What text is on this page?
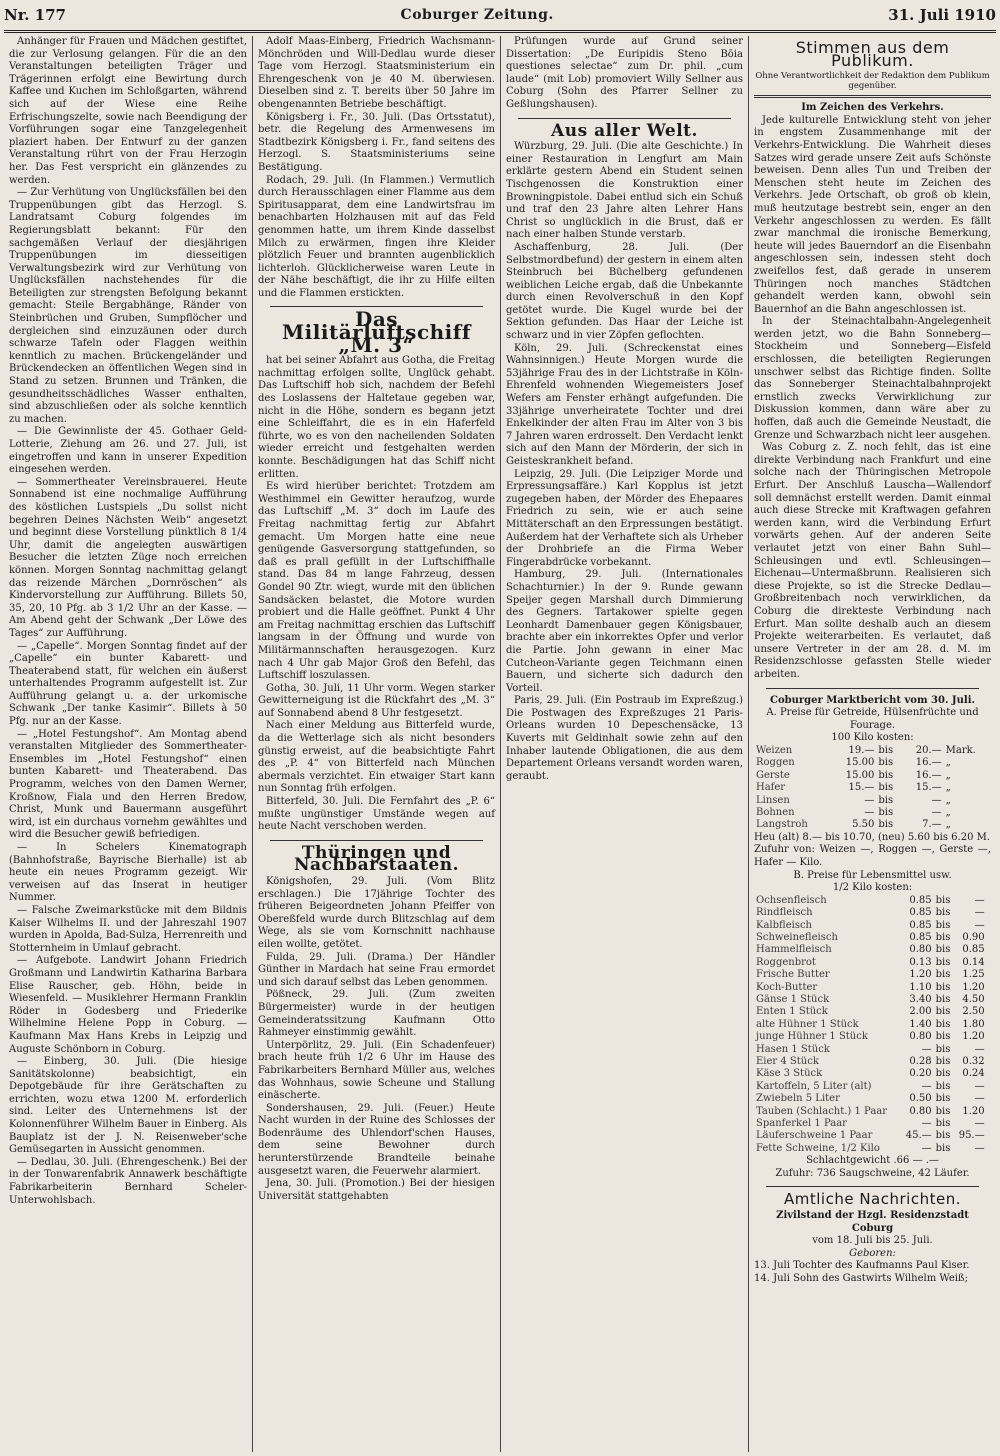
Nr. 177	Coburger Zeitung.	31. Juli 1910

Anhänger für Frauen und Mädchen gestiftet, die zur Verlosung gelangen. Für die an den Veranstaltungen beteiligten Träger und Trägerinnen erfolgt eine Bewirtung durch Kaffee und Kuchen im Schloßgarten, während sich auf der Wiese eine Reihe Erfrischungszelte, sowie nach Beendigung der Vorführungen sogar eine Tanzgelegenheit plaziert haben. Der Entwurf zu der ganzen Veranstaltung rührt von der Frau Herzogin her. Das Fest verspricht ein glänzendes zu werden.

— Zur Verhütung von Unglücksfällen bei den Truppenübungen gibt das Herzogl. S. Landratsamt Coburg folgendes im Regierungsblatt bekannt: Für den sachgemäßen Verlauf der diesjährigen Truppenübungen im diesseitigen Verwaltungsbezirk wird zur Verhütung von Unglücksfällen nachstehendes für die Beteiligten zur strengsten Befolgung bekannt gemacht: Steile Bergabhänge, Ränder von Steinbrüchen und Gruben, Sumpflöcher und dergleichen sind einzuzäunen oder durch schwarze Tafeln oder Flaggen weithin kenntlich zu machen. Brückengeländer und Brückendecken an öffentlichen Wegen sind in Stand zu setzen. Brunnen und Tränken, die gesundheitsschädliches Wasser enthalten, sind abzuschließen oder als solche kenntlich zu machen.

— Die Gewinnliste der 45. Gothaer Geld-Lotterie, Ziehung am 26. und 27. Juli, ist eingetroffen und kann in unserer Expedition eingesehen werden.

— Sommertheater Vereinsbrauerei. Heute Sonnabend ist eine nochmalige Aufführung des köstlichen Lustspiels „Du sollst nicht begehren Deines Nächsten Weib“ angesetzt und beginnt diese Vorstellung pünktlich 8 1/4 Uhr, damit die angelegten auswärtigen Besucher die letzten Züge noch erreichen können. Morgen Sonntag nachmittag gelangt das reizende Märchen „Dornröschen“ als Kindervorstellung zur Aufführung. Billets 50, 35, 20, 10 Pfg. ab 3 1/2 Uhr an der Kasse. — Am Abend geht der Schwank „Der Löwe des Tages“ zur Aufführung.

— „Capelle“. Morgen Sonntag findet auf der „Capelle“ ein bunter Kabarett- und Theaterabend statt, für welchen ein äußerst unterhaltendes Programm aufgestellt ist. Zur Aufführung gelangt u. a. der urkomische Schwank „Der tanke Kasimir“. Billets à 50 Pfg. nur an der Kasse.

— „Hotel Festungshof“. Am Montag abend veranstalten Mitglieder des Sommertheater-Ensembles im „Hotel Festungshof“ einen bunten Kabarett- und Theaterabend. Das Programm, welches von den Damen Werner, Kroßnow, Fiala und den Herren Bredow, Christ, Munk und Bauermann ausgeführt wird, ist ein durchaus vornehm gewähltes und wird die Besucher gewiß befriedigen.

— In Schelers Kinematograph (Bahnhofstraße, Bayrische Bierhalle) ist ab heute ein neues Programm gezeigt. Wir verweisen auf das Inserat in heutiger Nummer.

— Falsche Zweimarkstücke mit dem Bildnis Kaiser Wilhelms II. und der Jahreszahl 1907 wurden in Apolda, Bad-Sulza, Herrenreith und Stotternheim in Umlauf gebracht.

— Aufgebote. Landwirt Johann Friedrich Großmann und Landwirtin Katharina Barbara Elise Rauscher, geb. Höhn, beide in Wiesenfeld. — Musiklehrer Hermann Franklin Röder in Godesberg und Friederike Wilhelmine Helene Popp in Coburg. — Kaufmann Max Hans Krebs in Leipzig und Auguste Schönborn in Coburg.

— Einberg, 30. Juli. (Die hiesige Sanitätskolonne) beabsichtigt, ein Depotgebäude für ihre Gerätschaften zu errichten, wozu etwa 1200 M. erforderlich sind. Leiter des Unternehmens ist der Kolonnenführer Wilhelm Bauer in Einberg. Als Bauplatz ist der J. N. Reisenweber'sche Gemüsegarten in Aussicht genommen.

— Dedlau, 30. Juli. (Ehrengeschenk.) Bei der in der Tonwarenfabrik Annawerk beschäftigte Fabrikarbeiterin Bernhard Scheler-Unterwohlsbach.

Adolf Maas-Einberg, Friedrich Wachsmann-Mönchröden und Will-Dedlau wurde dieser Tage vom Herzogl. Staatsministerium ein Ehrengeschenk von je 40 M. überwiesen. Dieselben sind z. T. bereits über 50 Jahre im obengenannten Betriebe beschäftigt.

Königsberg i. Fr., 30. Juli. (Das Ortsstatut), betr. die Regelung des Armenwesens im Stadtbezirk Königsberg i. Fr., fand seitens des Herzogl. S. Staatsministeriums seine Bestätigung.

Rodach, 29. Juli. (In Flammen.) Vermutlich durch Herausschlagen einer Flamme aus dem Spiritusapparat, dem eine Landwirtsfrau im benachbarten Holzhausen mit auf das Feld genommen hatte, um ihrem Kinde dasselbst Milch zu erwärmen, fingen ihre Kleider plötzlich Feuer und brannten augenblicklich lichterloh. Glücklicherweise waren Leute in der Nähe beschäftigt, die ihr zu Hilfe eilten und die Flammen erstickten.

Das Militärluftschiff „M. 3“

hat bei seiner Abfahrt aus Gotha, die Freitag nachmittag erfolgen sollte, Unglück gehabt. Das Luftschiff hob sich, nachdem der Befehl des Loslassens der Haltetaue gegeben war, nicht in die Höhe, sondern es begann jetzt eine Schleiffahrt, die es in ein Haferfeld führte, wo es von den nacheilenden Soldaten wieder erreicht und festgehalten werden konnte. Beschädigungen hat das Schiff nicht erlitten.

Es wird hierüber berichtet: Trotzdem am Westhimmel ein Gewitter heraufzog, wurde das Luftschiff „M. 3“ doch im Laufe des Freitag nachmittag fertig zur Abfahrt gemacht. Um Morgen hatte eine neue genügende Gasversorgung stattgefunden, so daß es prall gefüllt in der Luftschiffhalle stand. Das 84 m lange Fahrzeug, dessen Gondel 90 Ztr. wiegt, wurde mit den üblichen Sandsäcken belastet, die Motore wurden probiert und die Halle geöffnet. Punkt 4 Uhr am Freitag nachmittag erschien das Luftschiff langsam in der Öffnung und wurde von Militärmannschaften herausgezogen. Kurz nach 4 Uhr gab Major Groß den Befehl, das Luftschiff loszulassen.

Gotha, 30. Juli, 11 Uhr vorm. Wegen starker Gewitterneigung ist die Rückfahrt des „M. 3“ auf Sonnabend abend 8 Uhr festgesetzt.

Nach einer Meldung aus Bitterfeld wurde, da die Wetterlage sich als nicht besonders günstig erweist, auf die beabsichtigte Fahrt des „P. 4“ von Bitterfeld nach München abermals verzichtet. Ein etwaiger Start kann nun Sonntag früh erfolgen.

Bitterfeld, 30. Juli. Die Fernfahrt des „P. 6“ mußte ungünstiger Umstände wegen auf heute Nacht verschoben werden.

Thüringen und Nachbarstaaten.

Königshofen, 29. Juli. (Vom Blitz erschlagen.) Die 17jährige Tochter des früheren Beigeordneten Johann Pfeiffer von Obereßfeld wurde durch Blitzschlag auf dem Wege, als sie vom Kornschnitt nachhause eilen wollte, getötet.

Fulda, 29. Juli. (Drama.) Der Händler Günther in Mardach hat seine Frau ermordet und sich darauf selbst das Leben genommen.

Pößneck, 29. Juli. (Zum zweiten Bürgermeister) wurde in der heutigen Gemeinderatssitzung Kaufmann Otto Rahmeyer einstimmig gewählt.

Unterpörlitz, 29. Juli. (Ein Schadenfeuer) brach heute früh 1/2 6 Uhr im Hause des Fabrikarbeiters Bernhard Müller aus, welches das Wohnhaus, sowie Scheune und Stallung einäscherte.

Sondershausen, 29. Juli. (Feuer.) Heute Nacht wurden in der Ruine des Schlosses der Bodenräume des Uhlendorf'schen Hauses, dem seine Bewohner durch herunterstürzende Brandteile beinahe ausgesetzt waren, die Feuerwehr alarmiert.

Jena, 30. Juli. (Promotion.) Bei der hiesigen Universität stattgehabten

Prüfungen wurde auf Grund seiner Dissertation: „De Euripidis Steno Bōia questiones selectae“ zum Dr. phil. „cum laude“ (mit Lob) promoviert Willy Sellner aus Coburg (Sohn des Pfarrer Sellner zu Geßlungshausen).

Aus aller Welt.

Würzburg, 29. Juli. (Die alte Geschichte.) In einer Restauration in Lengfurt am Main erklärte gestern Abend ein Student seinen Tischgenossen die Konstruktion einer Browningpistole. Dabei entlud sich ein Schuß und traf den 23 Jahre alten Lehrer Hans Christ so unglücklich in die Brust, daß er nach einer halben Stunde verstarb.

Aschaffenburg, 28. Juli. (Der Selbstmordbefund) der gestern in einem alten Steinbruch bei Büchelberg gefundenen weiblichen Leiche ergab, daß die Unbekannte durch einen Revolverschuß in den Kopf getötet wurde. Die Kugel wurde bei der Sektion gefunden. Das Haar der Leiche ist schwarz und in vier Zöpfen geflochten.

Köln, 29. Juli. (Schreckenstat eines Wahnsinnigen.) Heute Morgen wurde die 53jährige Frau des in der Lichtstraße in Köln-Ehrenfeld wohnenden Wiegemeisters Josef Wefers am Fenster erhängt aufgefunden. Die 33jährige unverheiratete Tochter und drei Enkelkinder der alten Frau im Alter von 3 bis 7 Jahren waren erdrosselt. Den Verdacht lenkt sich auf den Mann der Mörderin, der sich in Geisteskrankheit befand.

Leipzig, 29. Juli. (Die Leipziger Morde und Erpressungsaffäre.) Karl Kopplus ist jetzt zugegeben haben, der Mörder des Ehepaares Friedrich zu sein, wie er auch seine Mittäterschaft an den Erpressungen bestätigt. Außerdem hat der Verhaftete sich als Urheber der Drohbriefe an die Firma Weber Fingerabdrücke vorbekannt.

Hamburg, 29. Juli. (Internationales Schachturnier.) In der 9. Runde gewann Speijer gegen Marshall durch Dimmierung des Gegners. Tartakower spielte gegen Leonhardt Damenbauer gegen Königsbauer, brachte aber ein inkorrektes Opfer und verlor die Partie. John gewann in einer Mac Cutcheon-Variante gegen Teichmann einen Bauern, und sicherte sich dadurch den Vorteil.

Paris, 29. Juli. (Ein Postraub im Expreßzug.) Die Postwagen des Expreßzuges 21 Paris-Orleans wurden 10 Depeschensäcke, 13 Kuverts mit Geldinhalt sowie zehn auf den Inhaber lautende Obligationen, die aus dem Departement Orleans versandt worden waren, geraubt.

Stimmen aus dem Publikum.
Ohne Verantwortlichkeit der Redaktion dem Publikum gegenüber.
Im Zeichen des Verkehrs.

Jede kulturelle Entwicklung steht von jeher in engstem Zusammenhange mit der Verkehrs-Entwicklung. Die Wahrheit dieses Satzes wird gerade unsere Zeit aufs Schönste beweisen. Denn alles Tun und Treiben der Menschen steht heute im Zeichen des Verkehrs. Jede Ortschaft, ob groß ob klein, muß heutzutage bestrebt sein, enger an den Verkehr angeschlossen zu werden. Es fällt zwar manchmal die ironische Bemerkung, heute will jedes Bauerndorf an die Eisenbahn angeschlossen sein, indessen steht doch zweifellos fest, daß gerade in unserem Thüringen noch manches Städtchen gehandelt werden kann, obwohl sein Bauernhof an die Bahn angeschlossen ist.

In der Steinachtalbahn-Angelegenheit werden jetzt, wo die Bahn Sonneberg—Stockheim und Sonneberg—Eisfeld erschlossen, die beteiligten Regierungen unschwer selbst das Richtige finden. Sollte das Sonneberger Steinachtalbahnprojekt ernstlich zwecks Verwirklichung zur Diskussion kommen, dann wäre aber zu hoffen, daß auch die Gemeinde Neustadt, die Grenze und Schwarzbach nicht leer ausgehen.

Was Coburg z. Z. noch fehlt, das ist eine direkte Verbindung nach Frankfurt und eine solche nach der Thüringischen Metropole Erfurt. Der Anschluß Lauscha—Wallendorf soll demnächst erstellt werden. Damit einmal auch diese Strecke mit Kraftwagen gefahren werden kann, wird die Verbindung Erfurt vorwärts gehen. Auf der anderen Seite verlautet jetzt von einer Bahn Suhl—Schleusingen und evtl. Schleusingen—Eichenau—Untermaßbrunn. Realisieren sich diese Projekte, so ist die Strecke Dedlau—Großbreitenbach noch verwirklichen, da Coburg die direkteste Verbindung nach Erfurt. Man sollte deshalb auch an diesem Projekte weiterarbeiten. Es verlautet, daß unsere Vertreter in der am 28. d. M. im Residenzschlosse gefassten Stelle wieder arbeiten.

Coburger Marktbericht vom 30. Juli.
A. Preise für Getreide, Hülsenfrüchte und Fourage.
100 Kilo kosten:
Weizen	19.—	bis	20.—	Mark.
Roggen	15.00	bis	16.—	„
Gerste	15.00	bis	16.—	„
Hafer	15.—	bis	15.—	„
Linsen	—	bis	—	„
Bohnen	—	bis	—	„
Langstroh	5.50	bis	7.—	„
Heu (alt) 8.— bis 10.70, (neu) 5.60 bis 6.20 M.
Zufuhr von: Weizen —, Roggen —, Gerste —, Hafer — Kilo.
B. Preise für Lebensmittel usw.
1/2 Kilo kosten:
Ochsenfleisch	0.85	bis	—	
Rindfleisch	0.85	bis	—	
Kalbfleisch	0.85	bis	—	
Schweinefleisch	0.85	bis	0.90	
Hammelfleisch	0.80	bis	0.85	
Roggenbrot	0.13	bis	0.14	
Frische Butter	1.20	bis	1.25	
Koch-Butter	1.10	bis	1.20	
Gänse 1 Stück	3.40	bis	4.50	
Enten 1 Stück	2.00	bis	2.50	
alte Hühner 1 Stück	1.40	bis	1.80	
junge Hühner 1 Stück	0.80	bis	1.20	
Hasen 1 Stück	—	bis	—	
Eier 4 Stück	0.28	bis	0.32	
Käse 3 Stück	0.20	bis	0.24	
Kartoffeln, 5 Liter (alt)	—	bis	—	
Zwiebeln 5 Liter	0.50	bis	—	
Tauben (Schlacht.) 1 Paar	0.80	bis	1.20	
Spanferkel 1 Paar	—	bis	—	
Läuferschweine 1 Paar	45.—	bis	95.—	
Fette Schweine, 1/2 Kilo	—	bis	—	
Schlachtgewicht .66 — .—
Zufuhr: 736 Saugschweine, 42 Läufer.
Amtliche Nachrichten.
Zivilstand der Hzgl. Residenzstadt Coburg
vom 18. Juli bis 25. Juli.
Geboren:
13. Juli Tochter des Kaufmanns Paul Kiser.
14. Juli Sohn des Gastwirts Wilhelm Weiß;
